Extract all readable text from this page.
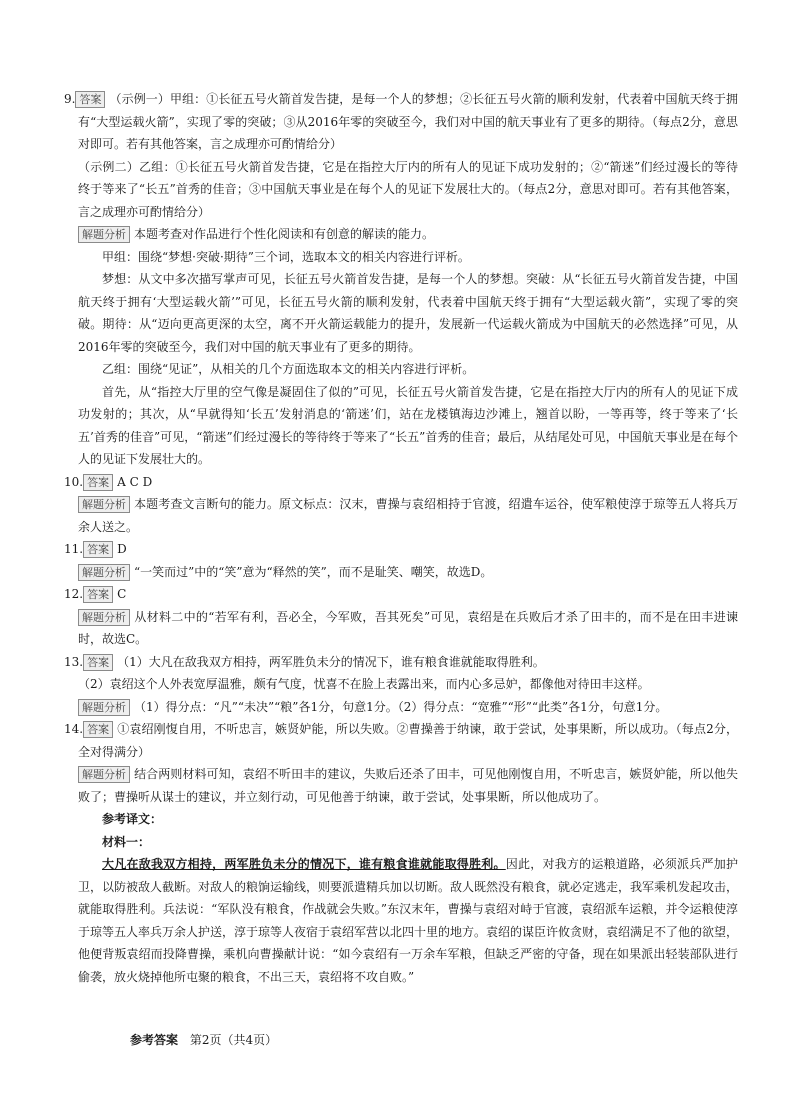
9. 答案 （示例一）甲组：①长征五号火箭首发告捷，是每一个人的梦想；②长征五号火箭的顺利发射，代表着中国航天终于拥有“大型运载火箭”，实现了零的突破；③从2016年零的突破至今，我们对中国的航天事业有了更多的期待。（每点2分，意思对即可。若有其他答案，言之成理亦可酌情给分）

（示例二）乙组：①长征五号火箭首发告捷，它是在指控大厅内的所有人的见证下成功发射的；②“箭迷”们经过漫长的等待终于等来了“长五”首秀的佳音；③中国航天事业是在每个人的见证下发展壮大的。（每点2分，意思对即可。若有其他答案，言之成理亦可酌情给分）

解题分析 本题考查对作品进行个性化阅读和有创意的解读的能力。

甲组：围绕“梦想·突破·期待”三个词，选取本文的相关内容进行评析。

梦想：从文中多次描写掌声可见，长征五号火箭首发告捷，是每一个人的梦想。突破：从“长征五号火箭首发告捷，中国航天终于拥有‘大型运载火箭’”可见，长征五号火箭的顺利发射，代表着中国航天终于拥有“大型运载火箭”，实现了零的突破。期待：从“迈向更高更深的太空，离不开火箭运载能力的提升，发展新一代运载火箭成为中国航天的必然选择”可见，从2016年零的突破至今，我们对中国的航天事业有了更多的期待。

乙组：围绕“见证”，从相关的几个方面选取本文的相关内容进行评析。

首先，从“指控大厅里的空气像是凝固住了似的”可见，长征五号火箭首发告捷，它是在指控大厅内的所有人的见证下成功发射的；其次，从“早就得知‘长五’发射消息的‘箭迷’们，站在龙楼镇海边沙滩上，翘首以盼，一等再等，终于等来了‘长五’首秀的佳音”可见，“箭迷”们经过漫长的等待终于等来了“长五”首秀的佳音；最后，从结尾处可见，中国航天事业是在每个人的见证下发展壮大的。

10. 答案 A C D

解题分析 本题考查文言断句的能力。原文标点：汉末，曹操与袁绍相持于官渡，绍遣车运谷，使军粮使淳于琼等五人将兵万余人送之。

11. 答案 D

解题分析 “一笑而过”中的“笑”意为“释然的笑”，而不是耻笑、嘲笑，故选D。

12. 答案 C

解题分析 从材料二中的“若军有利，吾必全，今军败，吾其死矣”可见，袁绍是在兵败后才杀了田丰的，而不是在田丰进谏时，故选C。

13. 答案 （1）大凡在敌我双方相持，两军胜负未分的情况下，谁有粮食谁就能取得胜利。

（2）袁绍这个人外表宽厚温雅，颇有气度，忧喜不在脸上表露出来，而内心多忌妒，都像他对待田丰这样。

解题分析 （1）得分点：“凡”“未决”“粮”各1分，句意1分。（2）得分点：“宽雅”“形”“此类”各1分，句意1分。

14. 答案 ①袁绍刚愎自用，不听忠言，嫉贤妒能，所以失败。②曹操善于纳谏，敢于尝试，处事果断，所以成功。（每点2分，全对得满分）

解题分析 结合两则材料可知，袁绍不听田丰的建议，失败后还杀了田丰，可见他刚愎自用，不听忠言，嫉贤妒能，所以他失败了；曹操听从谋士的建议，并立刻行动，可见他善于纳谏，敢于尝试，处事果断，所以他成功了。

参考译文：

材料一：

大凡在敌我双方相持，两军胜负未分的情况下，谁有粮食谁就能取得胜利。因此，对我方的运粮道路，必须派兵严加护卫，以防被敌人截断。对敌人的粮饷运输线，则要派遣精兵加以切断。敌人既然没有粮食，就必定逃走，我军乘机发起攻击，就能取得胜利。兵法说：“军队没有粮食，作战就会失败。”东汉末年，曹操与袁绍对峙于官渡，袁绍派车运粮，并令运粮使淳于琼等五人率兵万余人护送，淳于琼等人夜宿于袁绍军营以北四十里的地方。袁绍的谋臣许攸贪财，袁绍满足不了他的欲望，他便背叛袁绍而投降曹操，乘机向曹操献计说：“如今袁绍有一万余车军粮，但缺乏严密的守备，现在如果派出轻装部队进行偷袭，放火烧掉他所屯聚的粮食，不出三天，袁绍将不攻自败。”

参考答案 第2页（共4页）
